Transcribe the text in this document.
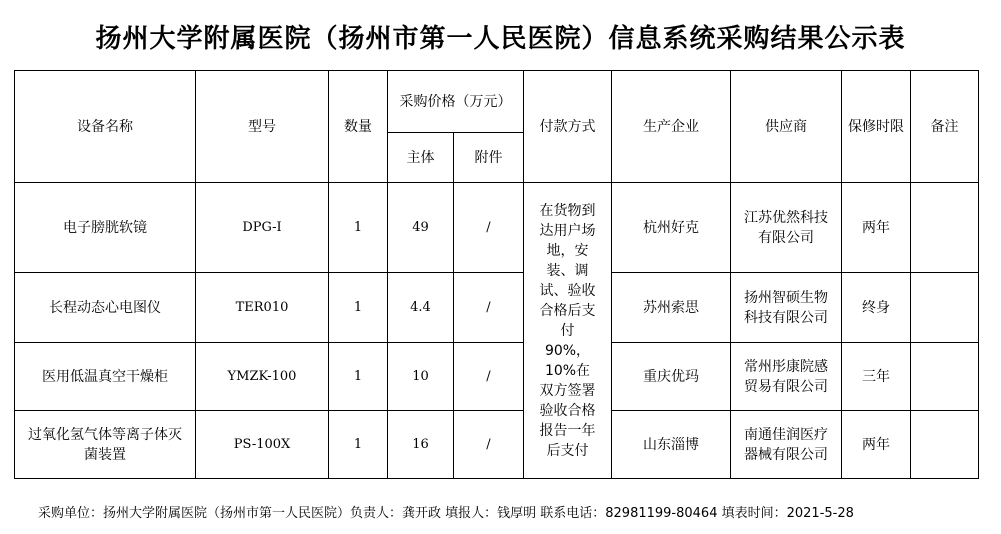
扬州大学附属医院（扬州市第一人民医院）信息系统采购结果公示表
设备名称	型号	数量	采购价格（万元）		付款方式	生产企业	供应商	保修时限	备注
			主体	附件					
电子膀胱软镜	DPG-Ⅰ	1	49	/	在货物到达用户场地，安装、调试、验收合格后支付 90%，10%在双方签署验收合格报告一年后支付	杭州好克	江苏优然科技有限公司	两年	
长程动态心电图仪	TER010	1	4.4	/		苏州索思	扬州智硕生物科技有限公司	终身	
医用低温真空干燥柜	YMZK-100	1	10	/		重庆优玛	常州彤康院感贸易有限公司	三年	
过氧化氢气体等离子体灭菌装置	PS-100X	1	16	/		山东淄博	南通佳润医疗器械有限公司	两年	
采购单位：扬州大学附属医院（扬州市第一人民医院）负责人：龚开政 填报人：钱厚明 联系电话：82981199-80464 填表时间：2021-5-28
